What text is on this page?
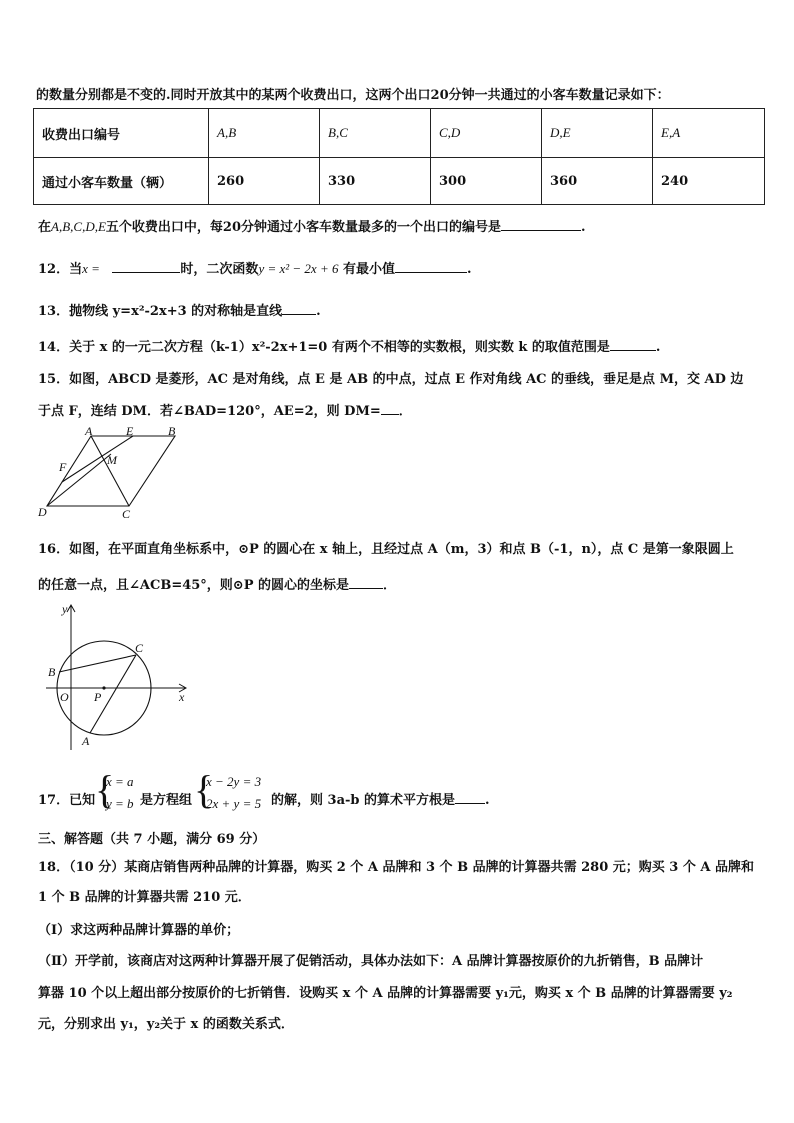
的数量分别都是不变的.同时开放其中的某两个收费出口，这两个出口20分钟一共通过的小客车数量记录如下：
收费出口编号	A,B	B,C	C,D	D,E	E,A
通过小客车数量（辆）	260	330	300	360	240
在A,B,C,D,E五个收费出口中，每20分钟通过小客车数量最多的一个出口的编号是	.
12．当x =	时，二次函数y = x² − 2x + 6 有最小值	.
13．抛物线 y=x²-2x+3 的对称轴是直线	.
14．关于 x 的一元二次方程（k-1）x²-2x+1=0 有两个不相等的实数根，则实数 k 的取值范围是	.
15．如图，ABCD 是菱形，AC 是对角线，点 E 是 AB 的中点，过点 E 作对角线 AC 的垂线，垂足是点 M，交 AD 边
于点 F，连结 DM．若∠BAD=120°，AE=2，则 DM= ．
A	E	B
F	M
D	C
16．如图，在平面直角坐标系中，⊙P 的圆心在 x 轴上，且经过点 A（m，3）和点 B（-1，n），点 C 是第一象限圆上
的任意一点，且∠ACB=45°，则⊙P 的圆心的坐标是	．
y
x
O P
B
C
A
17．已知 {
x = a
y = b 是方程组 {
x − 2y = 3
2x + y = 5 的解，则 3a-b 的算术平方根是 .
三、解答题（共 7 小题，满分 69 分）
18．（10 分）某商店销售两种品牌的计算器，购买 2 个 A 品牌和 3 个 B 品牌的计算器共需 280 元；购买 3 个 A 品牌和
1 个 B 品牌的计算器共需 210 元．
（Ⅰ）求这两种品牌计算器的单价；
（Ⅱ）开学前，该商店对这两种计算器开展了促销活动，具体办法如下：A 品牌计算器按原价的九折销售，B 品牌计
算器 10 个以上超出部分按原价的七折销售．设购买 x 个 A 品牌的计算器需要 y₁元，购买 x 个 B 品牌的计算器需要 y₂
元，分别求出 y₁，y₂关于 x 的函数关系式．
